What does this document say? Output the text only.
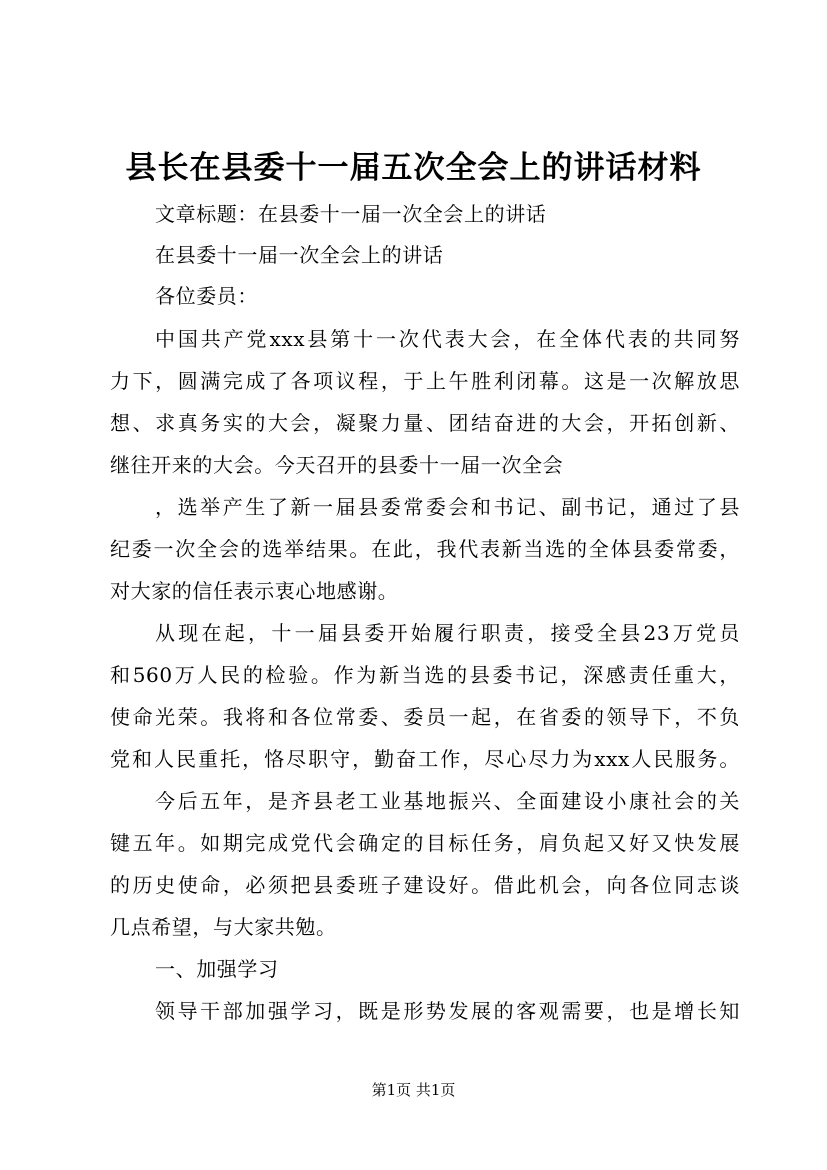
县长在县委十一届五次全会上的讲话材料
文章标题：在县委十一届一次全会上的讲话
在县委十一届一次全会上的讲话
各位委员：
中国共产党xxx县第十一次代表大会，在全体代表的共同努
力下，圆满完成了各项议程，于上午胜利闭幕。这是一次解放思
想、求真务实的大会，凝聚力量、团结奋进的大会，开拓创新、
继往开来的大会。今天召开的县委十一届一次全会
，选举产生了新一届县委常委会和书记、副书记，通过了县
纪委一次全会的选举结果。在此，我代表新当选的全体县委常委，
对大家的信任表示衷心地感谢。
从现在起，十一届县委开始履行职责，接受全县23万党员
和560万人民的检验。作为新当选的县委书记，深感责任重大，
使命光荣。我将和各位常委、委员一起，在省委的领导下，不负
党和人民重托，恪尽职守，勤奋工作，尽心尽力为xxx人民服务。
今后五年，是齐县老工业基地振兴、全面建设小康社会的关
键五年。如期完成党代会确定的目标任务，肩负起又好又快发展
的历史使命，必须把县委班子建设好。借此机会，向各位同志谈
几点希望，与大家共勉。
一、加强学习
领导干部加强学习，既是形势发展的客观需要，也是增长知
第1页 共1页
